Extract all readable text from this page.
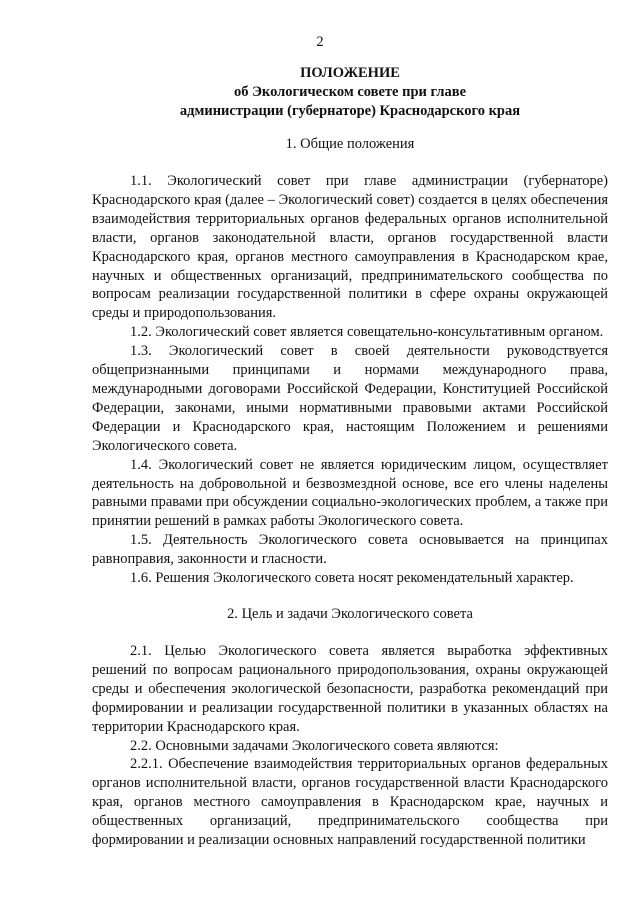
2
ПОЛОЖЕНИЕ
об Экологическом совете при главе
администрации (губернаторе) Краснодарского края
1. Общие положения

1.1. Экологический совет при главе администрации (губернаторе) Краснодарского края (далее – Экологический совет) создается в целях обеспечения взаимодействия территориальных органов федеральных органов исполнительной власти, органов законодательной власти, органов государственной власти Краснодарского края, органов местного самоуправления в Краснодарском крае, научных и общественных организаций, предпринимательского сообщества по вопросам реализации государственной политики в сфере охраны окружающей среды и природопользования.

1.2. Экологический совет является совещательно-консультативным органом.

1.3. Экологический совет в своей деятельности руководствуется общепризнанными принципами и нормами международного права, международными договорами Российской Федерации, Конституцией Российской Федерации, законами, иными нормативными правовыми актами Российской Федерации и Краснодарского края, настоящим Положением и решениями Экологического совета.

1.4. Экологический совет не является юридическим лицом, осуществляет деятельность на добровольной и безвозмездной основе, все его члены наделены равными правами при обсуждении социально-экологических проблем, а также при принятии решений в рамках работы Экологического совета.

1.5. Деятельность Экологического совета основывается на принципах равноправия, законности и гласности.

1.6. Решения Экологического совета носят рекомендательный характер.

2. Цель и задачи Экологического совета

2.1. Целью Экологического совета является выработка эффективных решений по вопросам рационального природопользования, охраны окружающей среды и обеспечения экологической безопасности, разработка рекомендаций при формировании и реализации государственной политики в указанных областях на территории Краснодарского края.

2.2. Основными задачами Экологического совета являются:

2.2.1. Обеспечение взаимодействия территориальных органов федеральных органов исполнительной власти, органов государственной власти Краснодарского края, органов местного самоуправления в Краснодарском крае, научных и общественных организаций, предпринимательского сообщества при формировании и реализации основных направлений государственной политики
